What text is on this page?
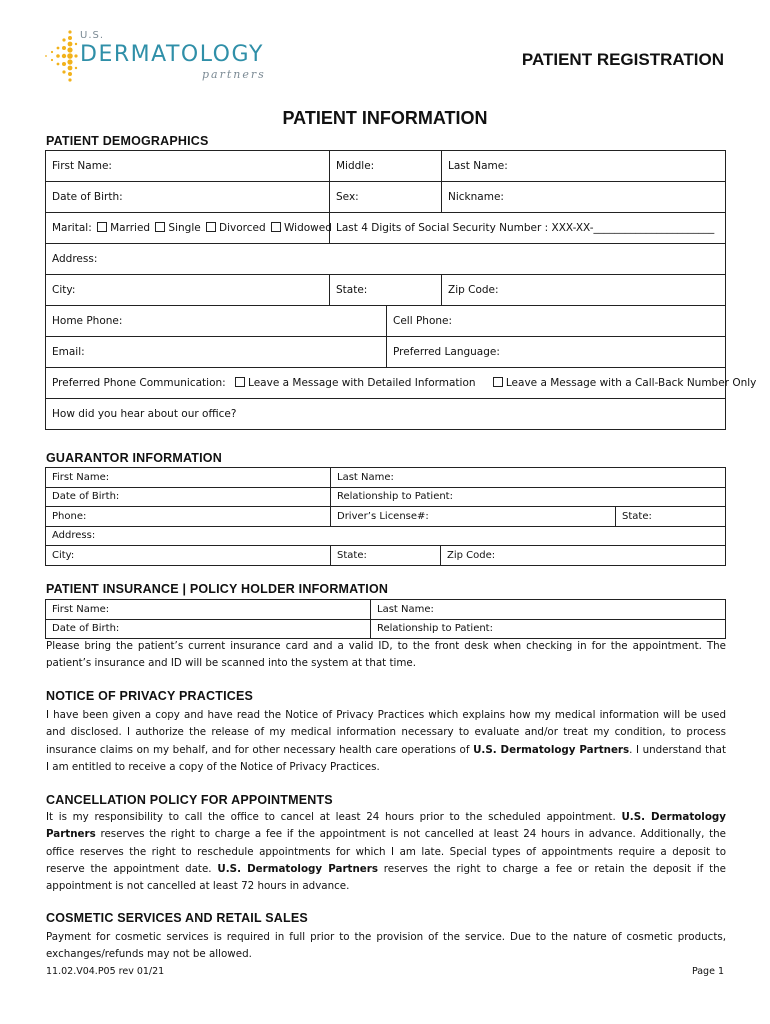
U.S.
DERMATOLOGY
partners
PATIENT REGISTRATION
PATIENT INFORMATION
PATIENT DEMOGRAPHICS
First Name:	Middle:		Last Name:
Date of Birth:	Sex:		Nickname:
Marital: Married Single Divorced Widowed	Last 4 Digits of Social Security Number : XXX-XX-_______________________		
Address:			
City:	State:		Zip Code:
Home Phone:		Cell Phone:	
Email:		Preferred Language:	
Preferred Phone Communication: Leave a Message with Detailed Information Leave a Message with a Call-Back Number Only			
How did you hear about our office?			
GUARANTOR INFORMATION
First Name:	Last Name:		
Date of Birth:	Relationship to Patient:		
Phone:	Driver’s License#:		State:
Address:			
City:	State:	Zip Code:	
PATIENT INSURANCE | POLICY HOLDER INFORMATION
First Name:	Last Name:
Date of Birth:	Relationship to Patient:

Please bring the patient’s current insurance card and a valid ID, to the front desk when checking in for the appointment. The patient’s insurance and ID will be scanned into the system at that time.

NOTICE OF PRIVACY PRACTICES

I have been given a copy and have read the Notice of Privacy Practices which explains how my medical information will be used and disclosed. I authorize the release of my medical information necessary to evaluate and/or treat my condition, to process insurance claims on my behalf, and for other necessary health care operations of U.S. Dermatology Partners. I understand that I am entitled to receive a copy of the Notice of Privacy Practices.

CANCELLATION POLICY FOR APPOINTMENTS

It is my responsibility to call the office to cancel at least 24 hours prior to the scheduled appointment. U.S. Dermatology Partners reserves the right to charge a fee if the appointment is not cancelled at least 24 hours in advance. Additionally, the office reserves the right to reschedule appointments for which I am late. Special types of appointments require a deposit to reserve the appointment date. U.S. Dermatology Partners reserves the right to charge a fee or retain the deposit if the appointment is not cancelled at least 72 hours in advance.

COSMETIC SERVICES AND RETAIL SALES

Payment for cosmetic services is required in full prior to the provision of the service. Due to the nature of cosmetic products, exchanges/refunds may not be allowed.

11.02.V04.P05 rev 01/21	Page 1
